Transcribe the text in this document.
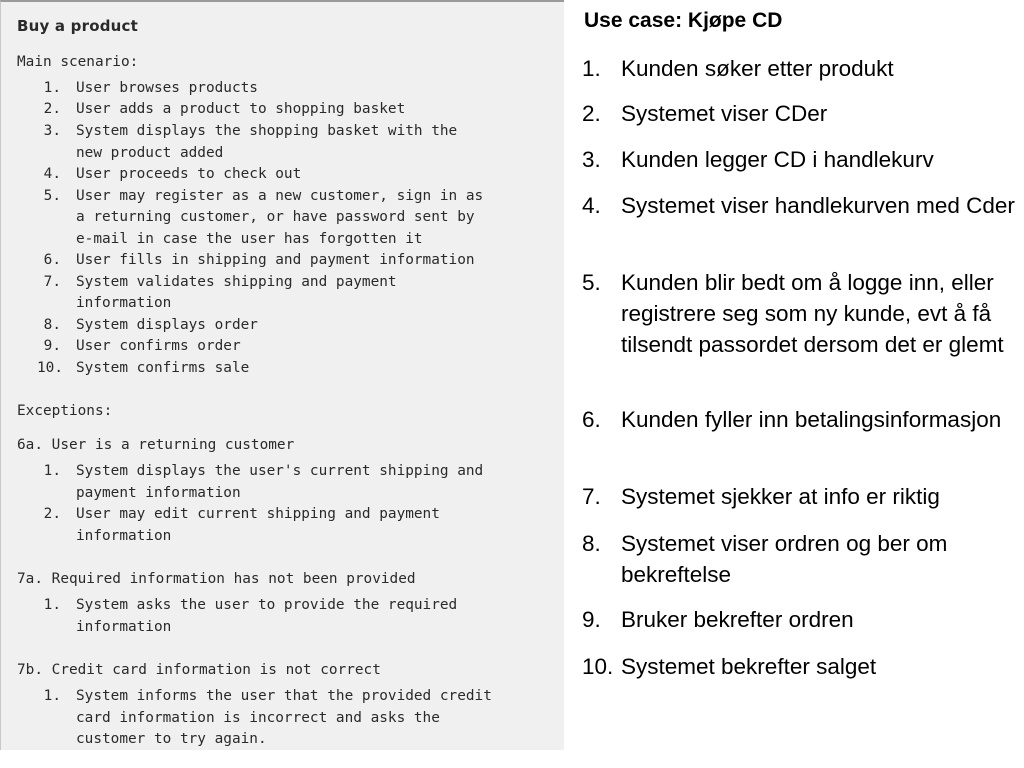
Buy a product
Main scenario:
1. User browses products
2. User adds a product to shopping basket
3. System displays the shopping basket with the
new product added
4. User proceeds to check out
5. User may register as a new customer, sign in as
a returning customer, or have password sent by
e-mail in case the user has forgotten it
6. User fills in shipping and payment information
7. System validates shipping and payment
information
8. System displays order
9. User confirms order
10. System confirms sale
Exceptions:
6a. User is a returning customer
1. System displays the user's current shipping and
payment information
2. User may edit current shipping and payment
information
7a. Required information has not been provided
1. System asks the user to provide the required
information
7b. Credit card information is not correct
1. System informs the user that the provided credit
card information is incorrect and asks the
customer to try again.
Use case: Kjøpe CD
1. Kunden søker etter produkt
2. Systemet viser CDer
3. Kunden legger CD i handlekurv
4. Systemet viser handlekurven med Cder
5. Kunden blir bedt om å logge inn, eller registrere seg som ny kunde, evt å få tilsendt passordet dersom det er glemt
6. Kunden fyller inn betalingsinformasjon
7. Systemet sjekker at info er riktig
8. Systemet viser ordren og ber om bekreftelse
9. Bruker bekrefter ordren
10. Systemet bekrefter salget
